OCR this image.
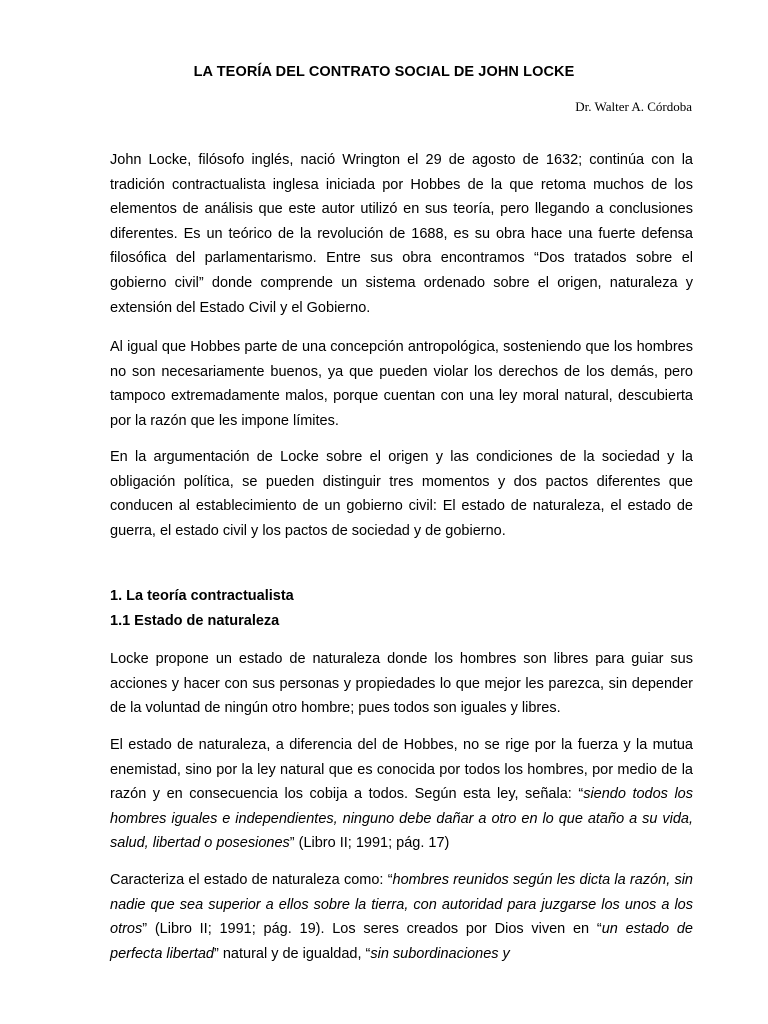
LA TEORÍA DEL CONTRATO SOCIAL DE JOHN LOCKE
Dr. Walter A. Córdoba

John Locke, filósofo inglés, nació Wrington el 29 de agosto de 1632; continúa con la tradición contractualista inglesa iniciada por Hobbes de la que retoma muchos de los elementos de análisis que este autor utilizó en sus teoría, pero llegando a conclusiones diferentes. Es un teórico de la revolución de 1688, es su obra hace una fuerte defensa filosófica del parlamentarismo. Entre sus obra encontramos “Dos tratados sobre el gobierno civil” donde comprende un sistema ordenado sobre el origen, naturaleza y extensión del Estado Civil y el Gobierno.

Al igual que Hobbes parte de una concepción antropológica, sosteniendo que los hombres no son necesariamente buenos, ya que pueden violar los derechos de los demás, pero tampoco extremadamente malos, porque cuentan con una ley moral natural, descubierta por la razón que les impone límites.

En la argumentación de Locke sobre el origen y las condiciones de la sociedad y la obligación política, se pueden distinguir tres momentos y dos pactos diferentes que conducen al establecimiento de un gobierno civil: El estado de naturaleza, el estado de guerra, el estado civil y los pactos de sociedad y de gobierno.

1. La teoría contractualista
1.1 Estado de naturaleza

Locke propone un estado de naturaleza donde los hombres son libres para guiar sus acciones y hacer con sus personas y propiedades lo que mejor les parezca, sin depender de la voluntad de ningún otro hombre; pues todos son iguales y libres.

El estado de naturaleza, a diferencia del de Hobbes, no se rige por la fuerza y la mutua enemistad, sino por la ley natural que es conocida por todos los hombres, por medio de la razón y en consecuencia los cobija a todos. Según esta ley, señala: “siendo todos los hombres iguales e independientes, ninguno debe dañar a otro en lo que ataño a su vida, salud, libertad o posesiones” (Libro II; 1991; pág. 17)

Caracteriza el estado de naturaleza como: “hombres reunidos según les dicta la razón, sin nadie que sea superior a ellos sobre la tierra, con autoridad para juzgarse los unos a los otros” (Libro II; 1991; pág. 19). Los seres creados por Dios viven en “un estado de perfecta libertad” natural y de igualdad, “sin subordinaciones y
